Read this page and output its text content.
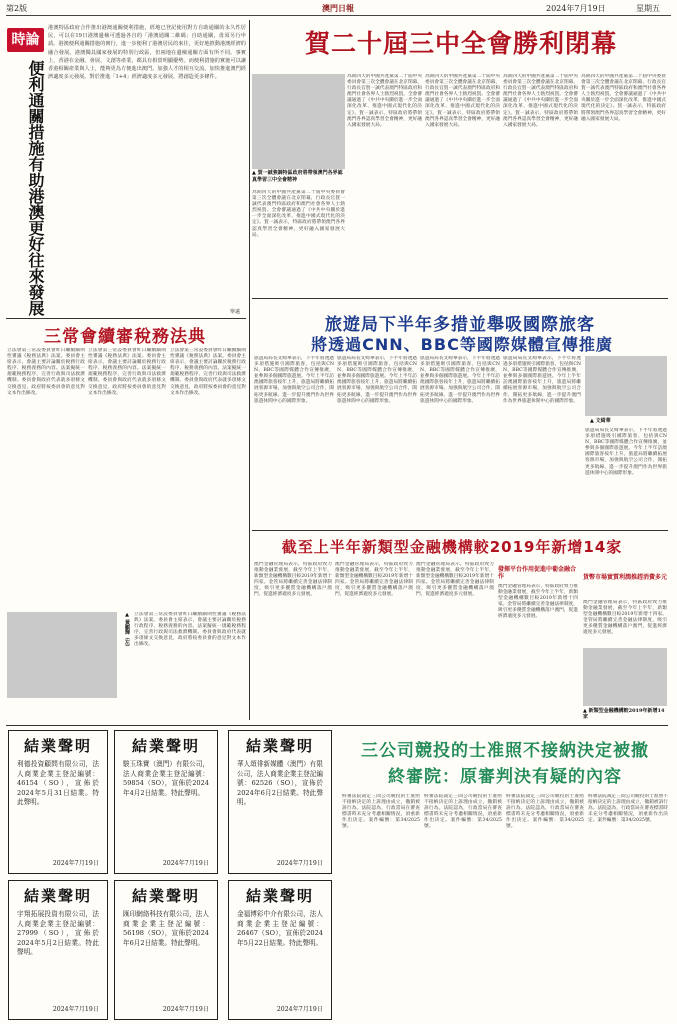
第2版	澳門日報	2024年7月19日	星期五
時論
便利通關措施有助港澳更好往來發展
港澳特區政府合作推出港澳通關便利措施，經地已登記使用對方自助通關的永久性居民，可以在19日港澳邊檢可透過各自的「港澳通關二維碼」自助通關，毋須另行申請。港澳便利通關措施的實行，進一步便利了港澳居民的來往，更好地推動港澳經濟的融合發展。港澳獨具國家發展的特別行政區，但兩地在邊檢通關方面有所不同。事實上，香港在金融、會展、文創等產業，都具有相當明顯優勢。而便利措施的實施可以讓香港相關產業與人士，能夠更為方便進出澳門。加強人才的相互交流，加快推進澳門經濟適度多元發展。對於推進「1+4」經濟適度多元發展，將創造更多條件。
寧遠
賀二十屆三中全會勝利閉幕
▲ 賀一誠強調特區政府將帶領澳門各界認真學習三中全會精神
為期四天的中國共產黨第二十屆中央委員會第三次全體會議在北京閉幕，行政長官賀一誠代表澳門特區政府和澳門社會各界人士熱烈祝賀。全會審議通過了《中共中央關於進一步全面深化改革、推進中國式現代化的決定》。賀一誠表示，特區政府將帶領澳門各界認真學習全會精神，更好融入國家發展大局。
為期四天的中國共產黨第二十屆中央委員會第三次全體會議在北京閉幕，行政長官賀一誠代表澳門特區政府和澳門社會各界人士熱烈祝賀。全會審議通過了《中共中央關於進一步全面深化改革、推進中國式現代化的決定》。賀一誠表示，特區政府將帶領澳門各界認真學習全會精神，更好融入國家發展大局。
為期四天的中國共產黨第二十屆中央委員會第三次全體會議在北京閉幕，行政長官賀一誠代表澳門特區政府和澳門社會各界人士熱烈祝賀。全會審議通過了《中共中央關於進一步全面深化改革、推進中國式現代化的決定》。賀一誠表示，特區政府將帶領澳門各界認真學習全會精神，更好融入國家發展大局。
為期四天的中國共產黨第二十屆中央委員會第三次全體會議在北京閉幕，行政長官賀一誠代表澳門特區政府和澳門社會各界人士熱烈祝賀。全會審議通過了《中共中央關於進一步全面深化改革、推進中國式現代化的決定》。賀一誠表示，特區政府將帶領澳門各界認真學習全會精神，更好融入國家發展大局。
為期四天的中國共產黨第二十屆中央委員會第三次全體會議在北京閉幕，行政長官賀一誠代表澳門特區政府和澳門社會各界人士熱烈祝賀。全會審議通過了《中共中央關於進一步全面深化改革、推進中國式現代化的決定》。賀一誠表示，特區政府將帶領澳門各界認真學習全會精神，更好融入國家發展大局。
三常會續審稅務法典
立法會第三常設委員會昨日繼續細則性審議《稅務法典》法案。委員會主席表示，會議主要討論關於稅務行政程序、稅務義務的內容。法案擬統一規範稅務程序，完善行政與司法救濟機制。委員會與政府代表就多項條文交換意見，政府將按委員會的意見對文本作出修改。
立法會第三常設委員會昨日繼續細則性審議《稅務法典》法案。委員會主席表示，會議主要討論關於稅務行政程序、稅務義務的內容。法案擬統一規範稅務程序，完善行政與司法救濟機制。委員會與政府代表就多項條文交換意見，政府將按委員會的意見對文本作出修改。
立法會第三常設委員會昨日繼續細則性審議《稅務法典》法案。委員會主席表示，會議主要討論關於稅務行政程序、稅務義務的內容。法案擬統一規範稅務程序，完善行政與司法救濟機制。委員會與政府代表就多項條文交換意見，政府將按委員會的意見對文本作出修改。
▲ 黃顯輝（左） 立法會第三常設委員會昨日繼續細則性審議《稅務法典》法案。委員會主席表示，會議主要討論關於稅務行政程序、稅務義務的內容。法案擬統一規範稅務程序，完善行政與司法救濟機制。委員會與政府代表就多項條文交換意見，政府將按委員會的意見對文本作出修改。
旅遊局下半年多措並舉吸國際旅客
將透過CNN、BBC等國際媒體宣傳推廣
旅遊局局長文綺華表示，下半年將透過多項措施吸引國際旅客，包括與CNN、BBC等國際媒體合作宣傳推廣，並參與多個國際旅遊展。今年上半年訪澳國際旅客按年上升，旅遊局將繼續拓展客源市場，加強與航空公司合作，開拓更多航線，進一步提升澳門作為世界旅遊休閒中心的國際形象。
旅遊局局長文綺華表示，下半年將透過多項措施吸引國際旅客，包括與CNN、BBC等國際媒體合作宣傳推廣，並參與多個國際旅遊展。今年上半年訪澳國際旅客按年上升，旅遊局將繼續拓展客源市場，加強與航空公司合作，開拓更多航線，進一步提升澳門作為世界旅遊休閒中心的國際形象。
旅遊局局長文綺華表示，下半年將透過多項措施吸引國際旅客，包括與CNN、BBC等國際媒體合作宣傳推廣，並參與多個國際旅遊展。今年上半年訪澳國際旅客按年上升，旅遊局將繼續拓展客源市場，加強與航空公司合作，開拓更多航線，進一步提升澳門作為世界旅遊休閒中心的國際形象。
旅遊局局長文綺華表示，下半年將透過多項措施吸引國際旅客，包括與CNN、BBC等國際媒體合作宣傳推廣，並參與多個國際旅遊展。今年上半年訪澳國際旅客按年上升，旅遊局將繼續拓展客源市場，加強與航空公司合作，開拓更多航線，進一步提升澳門作為世界旅遊休閒中心的國際形象。
▲ 文綺華
旅遊局局長文綺華表示，下半年將透過多項措施吸引國際旅客，包括與CNN、BBC等國際媒體合作宣傳推廣，並參與多個國際旅遊展。今年上半年訪澳國際旅客按年上升，旅遊局將繼續拓展客源市場，加強與航空公司合作，開拓更多航線，進一步提升澳門作為世界旅遊休閒中心的國際形象。
截至上半年新類型金融機構較2019年新增14家
澳門金融管理局表示，特區政府致力推動金融業發展，截至今年上半年，新類型金融機構數目較2019年新增十四家。金管局將繼續完善金融法律制度，吸引更多優質金融機構落戶澳門，促進經濟適度多元發展。
澳門金融管理局表示，特區政府致力推動金融業發展，截至今年上半年，新類型金融機構數目較2019年新增十四家。金管局將繼續完善金融法律制度，吸引更多優質金融機構落戶澳門，促進經濟適度多元發展。
澳門金融管理局表示，特區政府致力推動金融業發展，截至今年上半年，新類型金融機構數目較2019年新增十四家。金管局將繼續完善金融法律制度，吸引更多優質金融機構落戶澳門，促進經濟適度多元發展。
發揮平台作用促進中葡金融合作
澳門金融管理局表示，特區政府致力推動金融業發展，截至今年上半年，新類型金融機構數目較2019年新增十四家。金管局將繼續完善金融法律制度，吸引更多優質金融機構落戶澳門，促進經濟適度多元發展。
貨幣市場實質利潤推趕消費多元
澳門金融管理局表示，特區政府致力推動金融業發展，截至今年上半年，新類型金融機構數目較2019年新增十四家。金管局將繼續完善金融法律制度，吸引更多優質金融機構落戶澳門，促進經濟適度多元發展。
▲ 新類型金融機構較2019年新增14家
結業聲明
利德投資顧問有限公司，法人商業企業主登記編號：46154（SO），宣佈於2024年5月31日結業。特此聲明。
2024年7月19日
結業聲明
駿玉珠寶（澳門）有限公司，法人商業企業主登記編號：59854（SO），宣佈於2024年4月2日結業。特此聲明。
2024年7月19日
結業聲明
華人頌俳新媒體（澳門）有限公司，法人商業企業主登記編號：62526（SO），宣佈於2024年6月2日結業。特此聲明。
2024年7月19日
結業聲明
宇翔拓展投資有限公司，法人商業企業主登記編號：27999（SO），宣佈於2024年5月2日結業。特此聲明。
2024年7月19日
結業聲明
匯印網絡科技有限公司，法人商業企業主登記編號：56198（SO），宣佈於2024年6月2日結業。特此聲明。
2024年7月19日
結業聲明
金福博彩中介有限公司，法人商業企業主登記編號：26467（SO），宣佈於2024年5月22日結業。特此聲明。
2024年7月19日
三公司競投的士准照不接納決定被撤
終審院：原審判決有疑的內容
終審法院裁定三間公司競投的士准照不接納決定的上訴理由成立，撤銷被訴行為。法院認為，行政當局在審查標書時未充分考慮相關情況，須重新作出決定。案件編號：第34/2025號。
終審法院裁定三間公司競投的士准照不接納決定的上訴理由成立，撤銷被訴行為。法院認為，行政當局在審查標書時未充分考慮相關情況，須重新作出決定。案件編號：第34/2025號。
終審法院裁定三間公司競投的士准照不接納決定的上訴理由成立，撤銷被訴行為。法院認為，行政當局在審查標書時未充分考慮相關情況，須重新作出決定。案件編號：第34/2025號。
終審法院裁定三間公司競投的士准照不接納決定的上訴理由成立，撤銷被訴行為。法院認為，行政當局在審查標書時未充分考慮相關情況，須重新作出決定。案件編號：第34/2025號。
